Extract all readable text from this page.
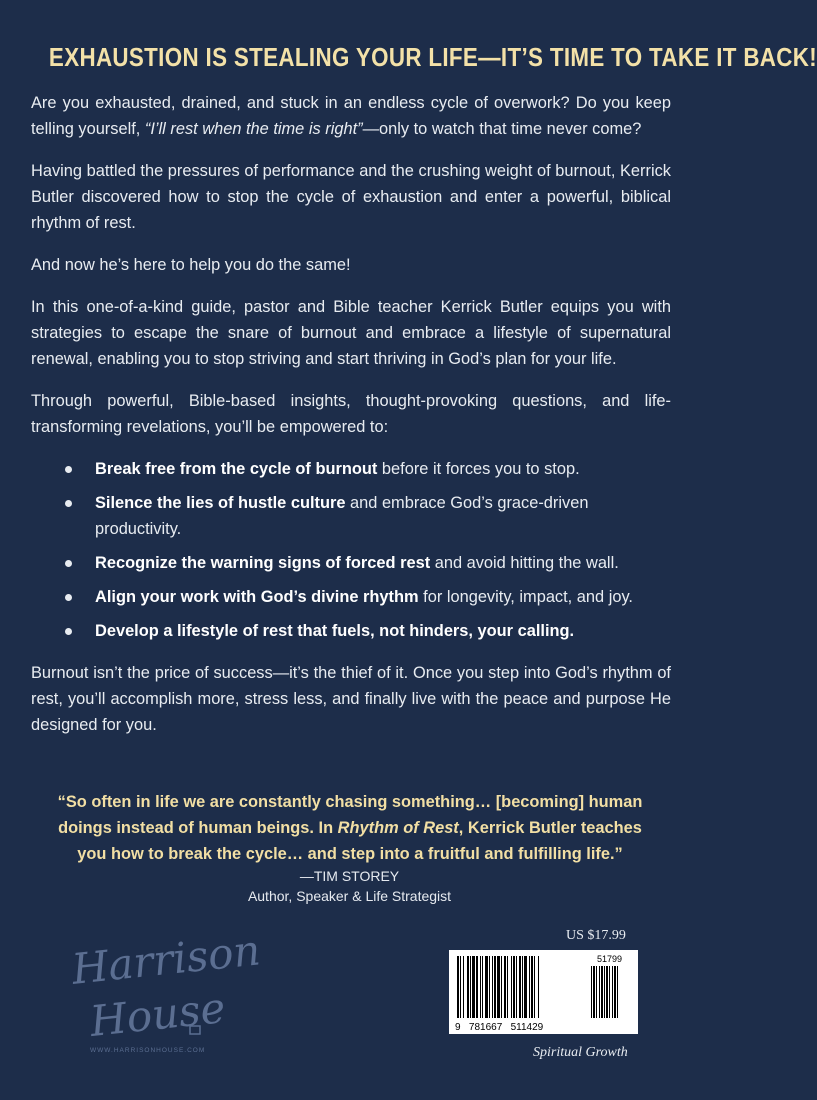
EXHAUSTION IS STEALING YOUR LIFE—IT’S TIME TO TAKE IT BACK!

Are you exhausted, drained, and stuck in an endless cycle of overwork? Do you keep telling yourself, “I’ll rest when the time is right”—only to watch that time never come?

Having battled the pressures of performance and the crushing weight of burnout, Kerrick Butler discovered how to stop the cycle of exhaustion and enter a powerful, biblical rhythm of rest.

And now he’s here to help you do the same!

In this one-of-a-kind guide, pastor and Bible teacher Kerrick Butler equips you with strategies to escape the snare of burnout and embrace a lifestyle of supernatural renewal, enabling you to stop striving and start thriving in God’s plan for your life.

Through powerful, Bible-based insights, thought-provoking questions, and life-transforming revelations, you’ll be empowered to:

Break free from the cycle of burnout before it forces you to stop.
Silence the lies of hustle culture and embrace God’s grace-driven productivity.
Recognize the warning signs of forced rest and avoid hitting the wall.
Align your work with God’s divine rhythm for longevity, impact, and joy.
Develop a lifestyle of rest that fuels, not hinders, your calling.

Burnout isn’t the price of success—it’s the thief of it. Once you step into God’s rhythm of rest, you’ll accomplish more, stress less, and finally live with the peace and purpose He designed for you.

“So often in life we are constantly chasing something… [becoming] human doings instead of human beings. In Rhythm of Rest, Kerrick Butler teaches you how to break the cycle… and step into a fruitful and fulfilling life.”
—TIM STOREY
Author, Speaker & Life Strategist
Harrison
House
WWW.HARRISONHOUSE.COM
US $17.99
51799
9   781667   511429
Spiritual Growth
